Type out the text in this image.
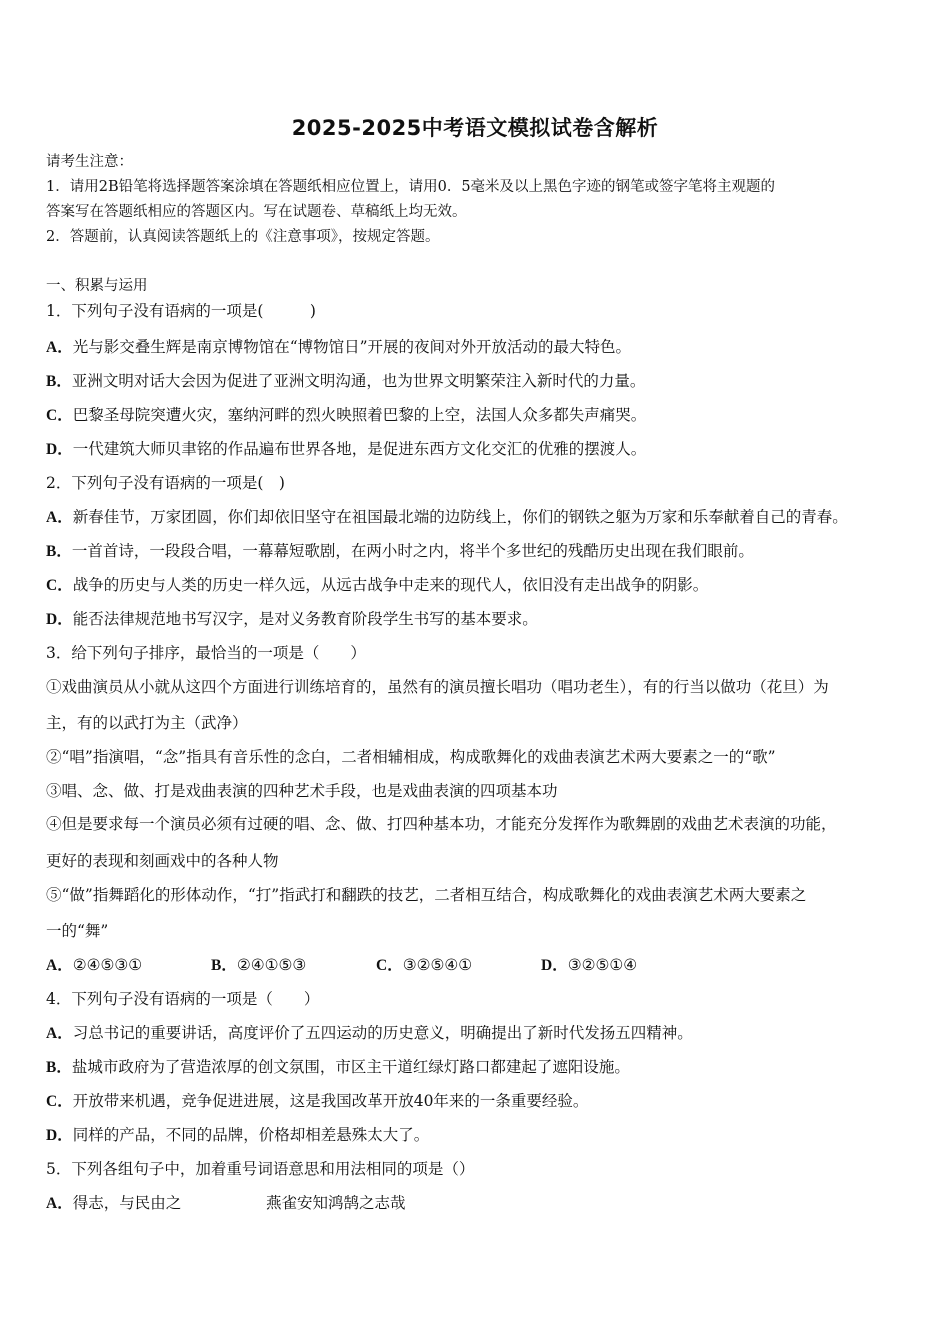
2025-2025中考语文模拟试卷含解析
请考生注意：
1．请用2B铅笔将选择题答案涂填在答题纸相应位置上，请用0．5毫米及以上黑色字迹的钢笔或签字笔将主观题的
答案写在答题纸相应的答题区内。写在试题卷、草稿纸上均无效。
2．答题前，认真阅读答题纸上的《注意事项》，按规定答题。
一、积累与运用
1．下列句子没有语病的一项是(　　　)
A．光与影交叠生辉是南京博物馆在“博物馆日”开展的夜间对外开放活动的最大特色。
B．亚洲文明对话大会因为促进了亚洲文明沟通，也为世界文明繁荣注入新时代的力量。
C．巴黎圣母院突遭火灾，塞纳河畔的烈火映照着巴黎的上空，法国人众多都失声痛哭。
D．一代建筑大师贝聿铭的作品遍布世界各地，是促进东西方文化交汇的优雅的摆渡人。
2．下列句子没有语病的一项是(　)
A．新春佳节，万家团圆，你们却依旧坚守在祖国最北端的边防线上，你们的钢铁之躯为万家和乐奉献着自己的青春。
B．一首首诗，一段段合唱，一幕幕短歌剧，在两小时之内，将半个多世纪的残酷历史出现在我们眼前。
C．战争的历史与人类的历史一样久远，从远古战争中走来的现代人，依旧没有走出战争的阴影。
D．能否法律规范地书写汉字，是对义务教育阶段学生书写的基本要求。
3．给下列句子排序，最恰当的一项是（　　）
①戏曲演员从小就从这四个方面进行训练培育的，虽然有的演员擅长唱功（唱功老生），有的行当以做功（花旦）为
主，有的以武打为主（武净）
②“唱”指演唱，“念”指具有音乐性的念白，二者相辅相成，构成歌舞化的戏曲表演艺术两大要素之一的“歌”
③唱、念、做、打是戏曲表演的四种艺术手段，也是戏曲表演的四项基本功
④但是要求每一个演员必须有过硬的唱、念、做、打四种基本功，才能充分发挥作为歌舞剧的戏曲艺术表演的功能，
更好的表现和刻画戏中的各种人物
⑤“做”指舞蹈化的形体动作，“打”指武打和翻跌的技艺，二者相互结合，构成歌舞化的戏曲表演艺术两大要素之
一的“舞”
A．②④⑤③①	B．②④①⑤③	C．③②⑤④①	D．③②⑤①④
4．下列句子没有语病的一项是（　　）
A．习总书记的重要讲话，高度评价了五四运动的历史意义，明确提出了新时代发扬五四精神。
B．盐城市政府为了营造浓厚的创文氛围，市区主干道红绿灯路口都建起了遮阳设施。
C．开放带来机遇，竞争促进进展，这是我国改革开放40年来的一条重要经验。
D．同样的产品，不同的品牌，价格却相差悬殊太大了。
5．下列各组句子中，加着重号词语意思和用法相同的项是（）
A．得志，与民由之	燕雀安知鸿鹄之志哉
